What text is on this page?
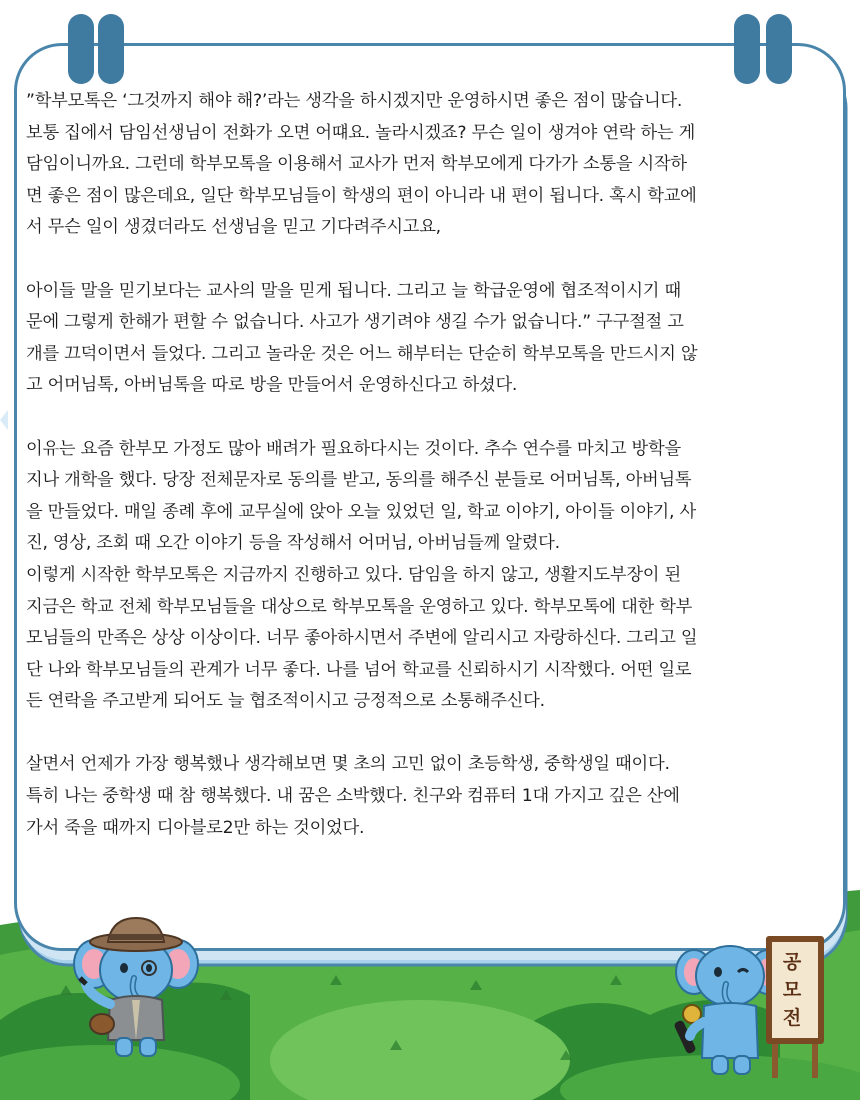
”학부모톡은 ‘그것까지 해야 해?’라는 생각을 하시겠지만 운영하시면 좋은 점이 많습니다.
보통 집에서 담임선생님이 전화가 오면 어떄요. 놀라시겠죠? 무슨 일이 생겨야 연락 하는 게
담임이니까요. 그런데 학부모톡을 이용해서 교사가 먼저 학부모에게 다가가 소통을 시작하
면 좋은 점이 많은데요, 일단 학부모님들이 학생의 편이 아니라 내 편이 됩니다. 혹시 학교에
서 무슨 일이 생겼더라도 선생님을 믿고 기다려주시고요,

아이들 말을 믿기보다는 교사의 말을 믿게 됩니다. 그리고 늘 학급운영에 협조적이시기 때
문에 그렇게 한해가 편할 수 없습니다. 사고가 생기려야 생길 수가 없습니다.” 구구절절 고
개를 끄덕이면서 들었다. 그리고 놀라운 것은 어느 해부터는 단순히 학부모톡을 만드시지 않
고 어머님톡, 아버님톡을 따로 방을 만들어서 운영하신다고 하셨다.

이유는 요즘 한부모 가정도 많아 배려가 필요하다시는 것이다. 추수 연수를 마치고 방학을
지나 개학을 했다. 당장 전체문자로 동의를 받고, 동의를 해주신 분들로 어머님톡, 아버님톡
을 만들었다. 매일 종례 후에 교무실에 앉아 오늘 있었던 일, 학교 이야기, 아이들 이야기, 사
진, 영상, 조회 때 오간 이야기 등을 작성해서 어머님, 아버님들께 알렸다.

이렇게 시작한 학부모톡은 지금까지 진행하고 있다. 담임을 하지 않고, 생활지도부장이 된
지금은 학교 전체 학부모님들을 대상으로 학부모톡을 운영하고 있다. 학부모톡에 대한 학부
모님들의 만족은 상상 이상이다. 너무 좋아하시면서 주변에 알리시고 자랑하신다. 그리고 일
단 나와 학부모님들의 관계가 너무 좋다. 나를 넘어 학교를 신뢰하시기 시작했다. 어떤 일로
든 연락을 주고받게 되어도 늘 협조적이시고 긍정적으로 소통해주신다.

살면서 언제가 가장 행복했나 생각해보면 몇 초의 고민 없이 초등학생, 중학생일 때이다.
특히 나는 중학생 때 참 행복했다. 내 꿈은 소박했다. 친구와 컴퓨터 1대 가지고 깊은 산에
가서 죽을 때까지 디아블로2만 하는 것이었다.

공
모
전
